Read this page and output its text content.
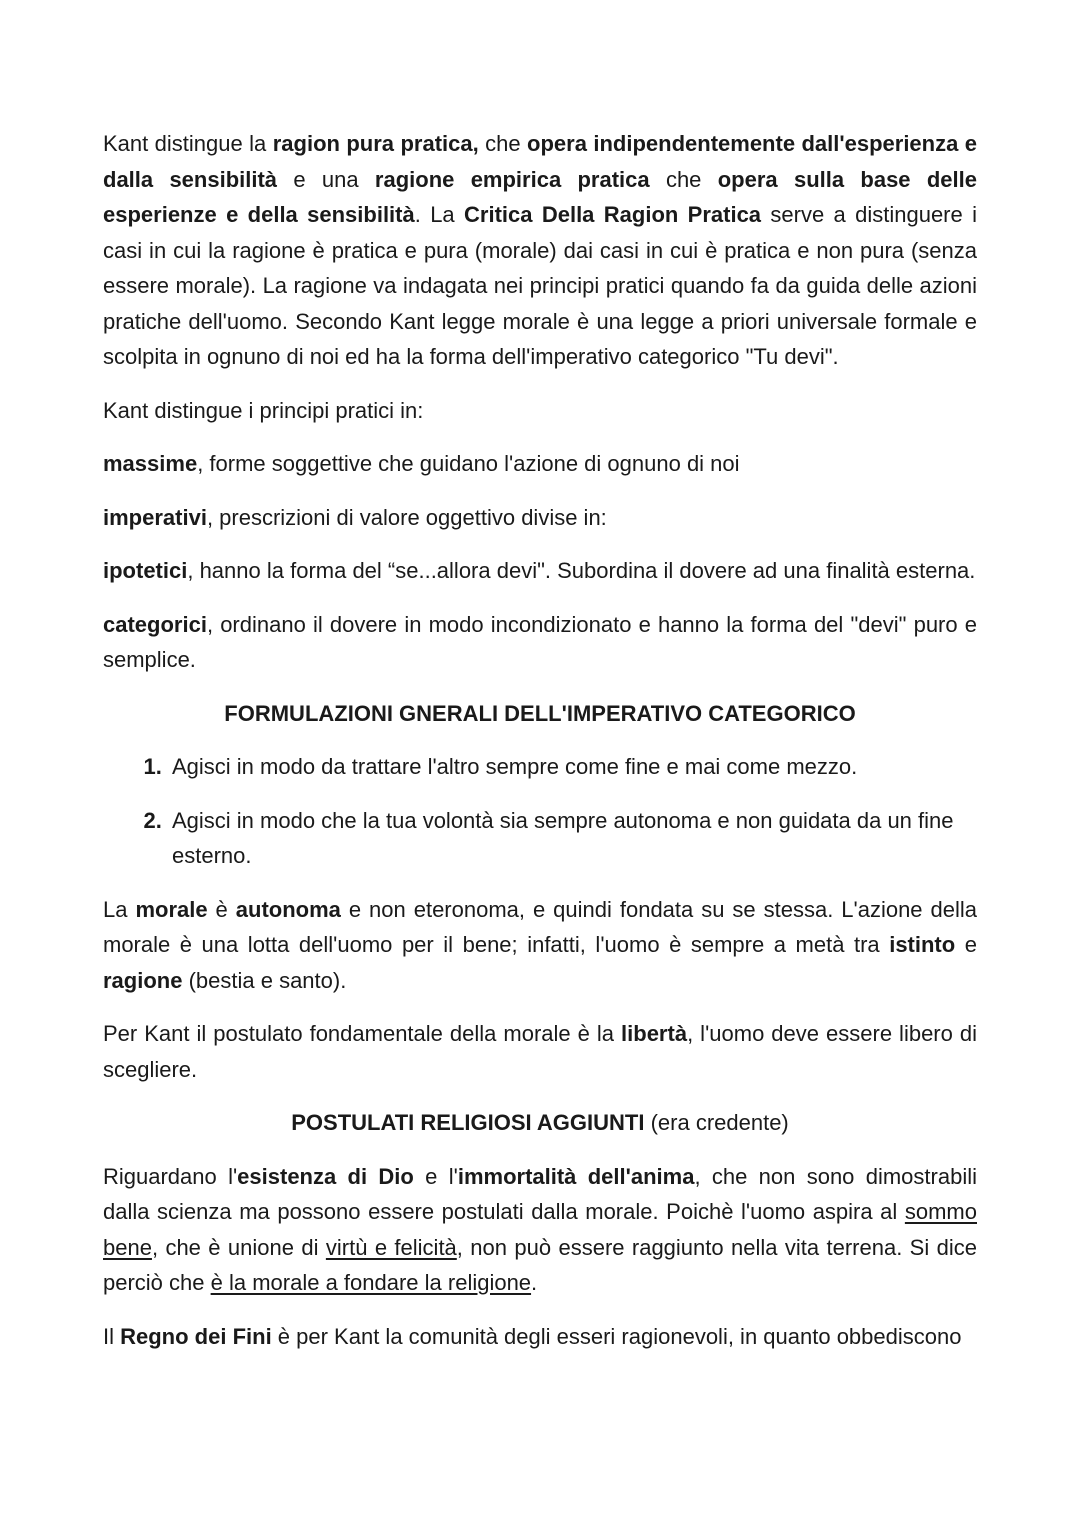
Kant distingue la ragion pura pratica, che opera indipendentemente dall'esperienza e dalla sensibilità e una ragione empirica pratica che opera sulla base delle esperienze e della sensibilità. La Critica Della Ragion Pratica serve a distinguere i casi in cui la ragione è pratica e pura (morale) dai casi in cui è pratica e non pura (senza essere morale). La ragione va indagata nei principi pratici quando fa da guida delle azioni pratiche dell'uomo. Secondo Kant legge morale è una legge a priori universale formale e scolpita in ognuno di noi ed ha la forma dell'imperativo categorico "Tu devi".

Kant distingue i principi pratici in:

massime, forme soggettive che guidano l'azione di ognuno di noi

imperativi, prescrizioni di valore oggettivo divise in:

ipotetici, hanno la forma del “se...allora devi". Subordina il dovere ad una finalità esterna.

categorici, ordinano il dovere in modo incondizionato e hanno la forma del "devi" puro e semplice.

FORMULAZIONI GNERALI DELL'IMPERATIVO CATEGORICO

1. Agisci in modo da trattare l'altro sempre come fine e mai come mezzo.
2. Agisci in modo che la tua volontà sia sempre autonoma e non guidata da un fine esterno.

La morale è autonoma e non eteronoma, e quindi fondata su se stessa. L'azione della morale è una lotta dell'uomo per il bene; infatti, l'uomo è sempre a metà tra istinto e ragione (bestia e santo).

Per Kant il postulato fondamentale della morale è la libertà, l'uomo deve essere libero di scegliere.

POSTULATI RELIGIOSI AGGIUNTI (era credente)

Riguardano l'esistenza di Dio e l'immortalità dell'anima, che non sono dimostrabili dalla scienza ma possono essere postulati dalla morale. Poichè l'uomo aspira al sommo bene, che è unione di virtù e felicità, non può essere raggiunto nella vita terrena. Si dice perciò che è la morale a fondare la religione.

Il Regno dei Fini è per Kant la comunità degli esseri ragionevoli, in quanto obbediscono
